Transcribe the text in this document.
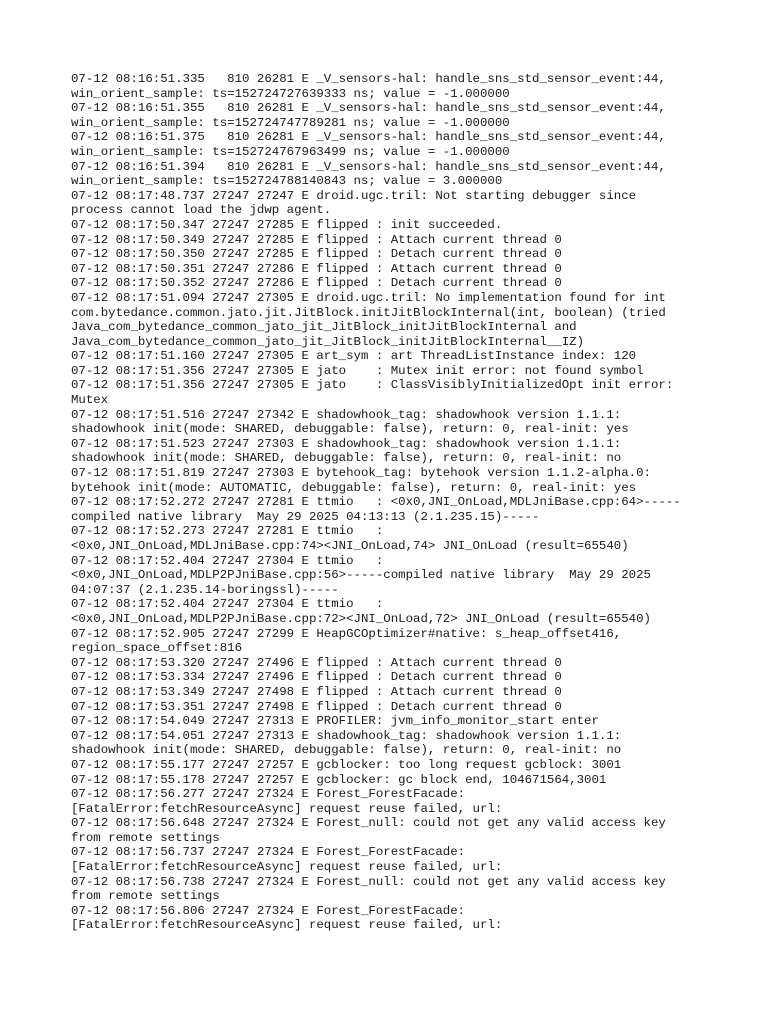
07-12 08:16:51.335   810 26281 E _V_sensors-hal: handle_sns_std_sensor_event:44,
win_orient_sample: ts=152724727639333 ns; value = -1.000000
07-12 08:16:51.355   810 26281 E _V_sensors-hal: handle_sns_std_sensor_event:44,
win_orient_sample: ts=152724747789281 ns; value = -1.000000
07-12 08:16:51.375   810 26281 E _V_sensors-hal: handle_sns_std_sensor_event:44,
win_orient_sample: ts=152724767963499 ns; value = -1.000000
07-12 08:16:51.394   810 26281 E _V_sensors-hal: handle_sns_std_sensor_event:44,
win_orient_sample: ts=152724788140843 ns; value = 3.000000
07-12 08:17:48.737 27247 27247 E droid.ugc.tril: Not starting debugger since
process cannot load the jdwp agent.
07-12 08:17:50.347 27247 27285 E flipped : init succeeded.
07-12 08:17:50.349 27247 27285 E flipped : Attach current thread 0
07-12 08:17:50.350 27247 27285 E flipped : Detach current thread 0
07-12 08:17:50.351 27247 27286 E flipped : Attach current thread 0
07-12 08:17:50.352 27247 27286 E flipped : Detach current thread 0
07-12 08:17:51.094 27247 27305 E droid.ugc.tril: No implementation found for int
com.bytedance.common.jato.jit.JitBlock.initJitBlockInternal(int, boolean) (tried
Java_com_bytedance_common_jato_jit_JitBlock_initJitBlockInternal and
Java_com_bytedance_common_jato_jit_JitBlock_initJitBlockInternal__IZ)
07-12 08:17:51.160 27247 27305 E art_sym : art ThreadListInstance index: 120
07-12 08:17:51.356 27247 27305 E jato    : Mutex init error: not found symbol
07-12 08:17:51.356 27247 27305 E jato    : ClassVisiblyInitializedOpt init error:
Mutex
07-12 08:17:51.516 27247 27342 E shadowhook_tag: shadowhook version 1.1.1:
shadowhook init(mode: SHARED, debuggable: false), return: 0, real-init: yes
07-12 08:17:51.523 27247 27303 E shadowhook_tag: shadowhook version 1.1.1:
shadowhook init(mode: SHARED, debuggable: false), return: 0, real-init: no
07-12 08:17:51.819 27247 27303 E bytehook_tag: bytehook version 1.1.2-alpha.0:
bytehook init(mode: AUTOMATIC, debuggable: false), return: 0, real-init: yes
07-12 08:17:52.272 27247 27281 E ttmio   : <0x0,JNI_OnLoad,MDLJniBase.cpp:64>-----
compiled native library  May 29 2025 04:13:13 (2.1.235.15)-----
07-12 08:17:52.273 27247 27281 E ttmio   :
<0x0,JNI_OnLoad,MDLJniBase.cpp:74><JNI_OnLoad,74> JNI_OnLoad (result=65540)
07-12 08:17:52.404 27247 27304 E ttmio   :
<0x0,JNI_OnLoad,MDLP2PJniBase.cpp:56>-----compiled native library  May 29 2025
04:07:37 (2.1.235.14-boringssl)-----
07-12 08:17:52.404 27247 27304 E ttmio   :
<0x0,JNI_OnLoad,MDLP2PJniBase.cpp:72><JNI_OnLoad,72> JNI_OnLoad (result=65540)
07-12 08:17:52.905 27247 27299 E HeapGCOptimizer#native: s_heap_offset416,
region_space_offset:816
07-12 08:17:53.320 27247 27496 E flipped : Attach current thread 0
07-12 08:17:53.334 27247 27496 E flipped : Detach current thread 0
07-12 08:17:53.349 27247 27498 E flipped : Attach current thread 0
07-12 08:17:53.351 27247 27498 E flipped : Detach current thread 0
07-12 08:17:54.049 27247 27313 E PROFILER: jvm_info_monitor_start enter
07-12 08:17:54.051 27247 27313 E shadowhook_tag: shadowhook version 1.1.1:
shadowhook init(mode: SHARED, debuggable: false), return: 0, real-init: no
07-12 08:17:55.177 27247 27257 E gcblocker: too long request gcblock: 3001
07-12 08:17:55.178 27247 27257 E gcblocker: gc block end, 104671564,3001
07-12 08:17:56.277 27247 27324 E Forest_ForestFacade:
[FatalError:fetchResourceAsync] request reuse failed, url:
07-12 08:17:56.648 27247 27324 E Forest_null: could not get any valid access key
from remote settings
07-12 08:17:56.737 27247 27324 E Forest_ForestFacade:
[FatalError:fetchResourceAsync] request reuse failed, url:
07-12 08:17:56.738 27247 27324 E Forest_null: could not get any valid access key
from remote settings
07-12 08:17:56.806 27247 27324 E Forest_ForestFacade:
[FatalError:fetchResourceAsync] request reuse failed, url:
